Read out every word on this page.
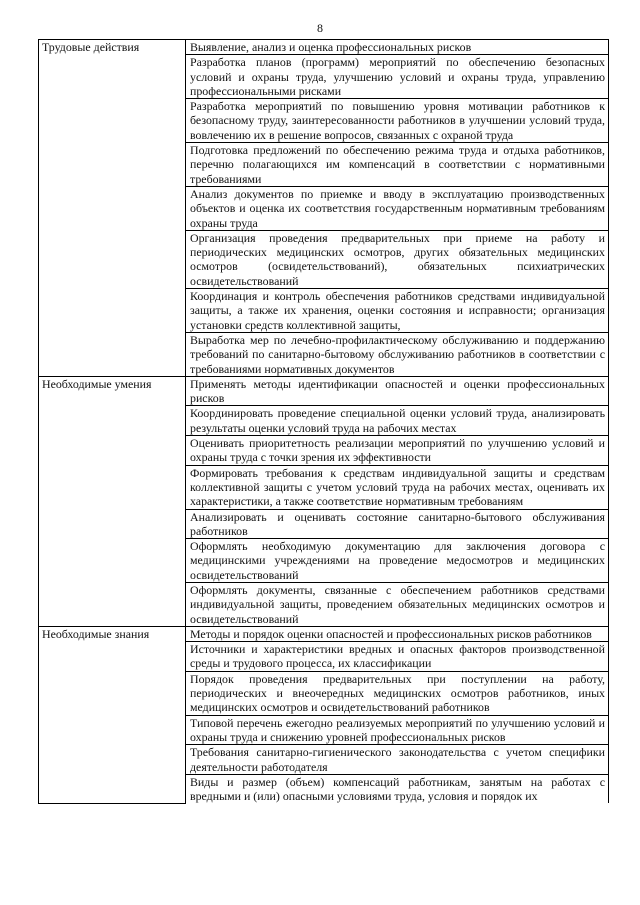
8
Трудовые действия	Выявление, анализ и оценка профессиональных рисков
	Разработка планов (программ) мероприятий по обеспечению безопасных условий и охраны труда, улучшению условий и охраны труда, управлению профессиональными рисками
	Разработка мероприятий по повышению уровня мотивации работников к безопасному труду, заинтересованности работников в улучшении условий труда, вовлечению их в решение вопросов, связанных с охраной труда
	Подготовка предложений по обеспечению режима труда и отдыха работников, перечню полагающихся им компенсаций в соответствии с нормативными требованиями
	Анализ документов по приемке и вводу в эксплуатацию производственных объектов и оценка их соответствия государственным нормативным требованиям охраны труда
	Организация проведения предварительных при приеме на работу и периодических медицинских осмотров, других обязательных медицинских осмотров (освидетельствований), обязательных психиатрических освидетельствований
	Координация и контроль обеспечения работников средствами индивидуальной защиты, а также их хранения, оценки состояния и исправности; организация установки средств коллективной защиты,
	Выработка мер по лечебно-профилактическому обслуживанию и поддержанию требований по санитарно-бытовому обслуживанию работников в соответствии с требованиями нормативных документов
Необходимые умения	Применять методы идентификации опасностей и оценки профессиональных рисков
	Координировать проведение специальной оценки условий труда, анализировать результаты оценки условий труда на рабочих местах
	Оценивать приоритетность реализации мероприятий по улучшению условий и охраны труда с точки зрения их эффективности
	Формировать требования к средствам индивидуальной защиты и средствам коллективной защиты с учетом условий труда на рабочих местах, оценивать их характеристики, а также соответствие нормативным требованиям
	Анализировать и оценивать состояние санитарно-бытового обслуживания работников
	Оформлять необходимую документацию для заключения договора с медицинскими учреждениями на проведение медосмотров и медицинских освидетельствований
	Оформлять документы, связанные с обеспечением работников средствами индивидуальной защиты, проведением обязательных медицинских осмотров и освидетельствований
Необходимые знания	Методы и порядок оценки опасностей и профессиональных рисков работников
	Источники и характеристики вредных и опасных факторов производственной среды и трудового процесса, их классификации
	Порядок проведения предварительных при поступлении на работу, периодических и внеочередных медицинских осмотров работников, иных медицинских осмотров и освидетельствований работников
	Типовой перечень ежегодно реализуемых мероприятий по улучшению условий и охраны труда и снижению уровней профессиональных рисков
	Требования санитарно-гигиенического законодательства с учетом специфики деятельности работодателя
	Виды и размер (объем) компенсаций работникам, занятым на работах с вредными и (или) опасными условиями труда, условия и порядок их
